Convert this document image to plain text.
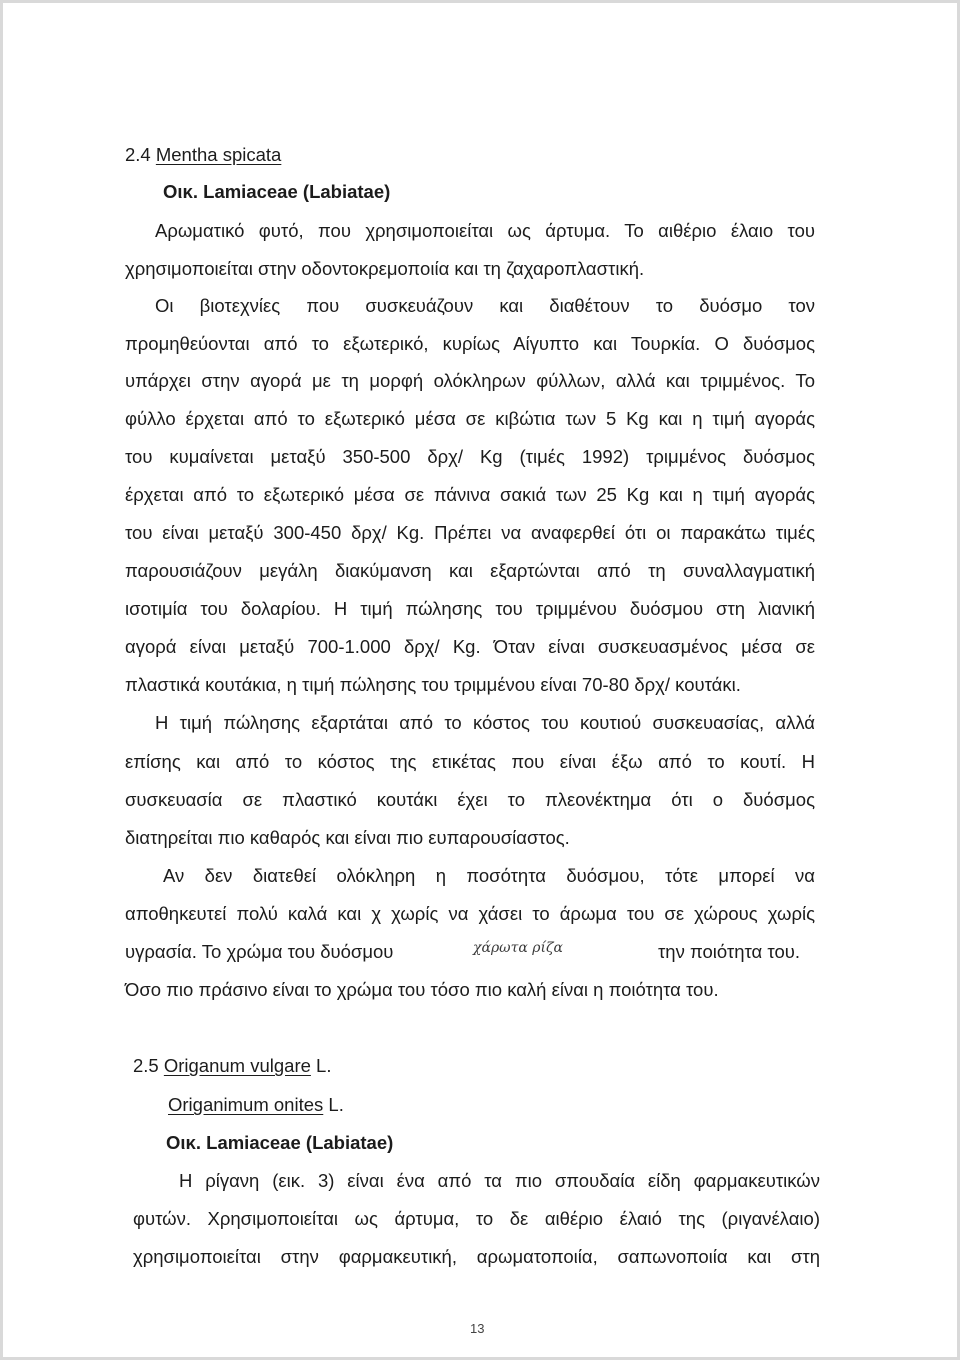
2.4 Mentha spicata
Οικ. Lamiaceae (Labiatae)
Αρωματικό φυτό, που χρησιμοποιείται ως άρτυμα. Το αιθέριο έλαιο του
χρησιμοποιείται στην οδοντοκρεμοποιία και τη ζαχαροπλαστική.
Οι βιοτεχνίες που συσκευάζουν και διαθέτουν το δυόσμο τον
προμηθεύονται από το εξωτερικό, κυρίως Αίγυπτο και Τουρκία. Ο δυόσμος
υπάρχει στην αγορά με τη μορφή ολόκληρων φύλλων, αλλά και τριμμένος. Το
φύλλο έρχεται από το εξωτερικό μέσα σε κιβώτια των 5 Kg και η τιμή αγοράς
του κυμαίνεται μεταξύ 350-500 δρχ/ Kg (τιμές 1992) τριμμένος δυόσμος
έρχεται από το εξωτερικό μέσα σε πάνινα σακιά των 25 Kg και η τιμή αγοράς
του είναι μεταξύ 300-450 δρχ/ Kg. Πρέπει να αναφερθεί ότι οι παρακάτω τιμές
παρουσιάζουν μεγάλη διακύμανση και εξαρτώνται από τη συναλλαγματική
ισοτιμία του δολαρίου. Η τιμή πώλησης του τριμμένου δυόσμου στη λιανική
αγορά είναι μεταξύ 700-1.000 δρχ/ Kg. Όταν είναι συσκευασμένος μέσα σε
πλαστικά κουτάκια, η τιμή πώλησης του τριμμένου είναι 70-80 δρχ/ κουτάκι.
Η τιμή πώλησης εξαρτάται από το κόστος του κουτιού συσκευασίας, αλλά
επίσης και από το κόστος της ετικέτας που είναι έξω από το κουτί. Η
συσκευασία σε πλαστικό κουτάκι έχει το πλεονέκτημα ότι ο δυόσμος
διατηρείται πιο καθαρός και είναι πιο ευπαρουσίαστος.
Αν δεν διατεθεί ολόκληρη η ποσότητα δυόσμου, τότε μπορεί να
αποθηκευτεί πολύ καλά και χ χωρίς να χάσει το άρωμα του σε χώρους χωρίς
υγρασία. Το χρώμα του δυόσμου	χάρωτα ρίζα	την ποιότητα του.
Όσο πιο πράσινο είναι το χρώμα του τόσο πιο καλή είναι η ποιότητα του.
2.5 Origanum vulgare L.
Origanimum onites L.
Οικ. Lamiaceae (Labiatae)
Η ρίγανη (εικ. 3) είναι ένα από τα πιο σπουδαία είδη φαρμακευτικών
φυτών. Χρησιμοποιείται ως άρτυμα, το δε αιθέριο έλαιό της (ριγανέλαιο)
χρησιμοποιείται στην φαρμακευτική, αρωματοποιία, σαπωνοποιία και στη
13
